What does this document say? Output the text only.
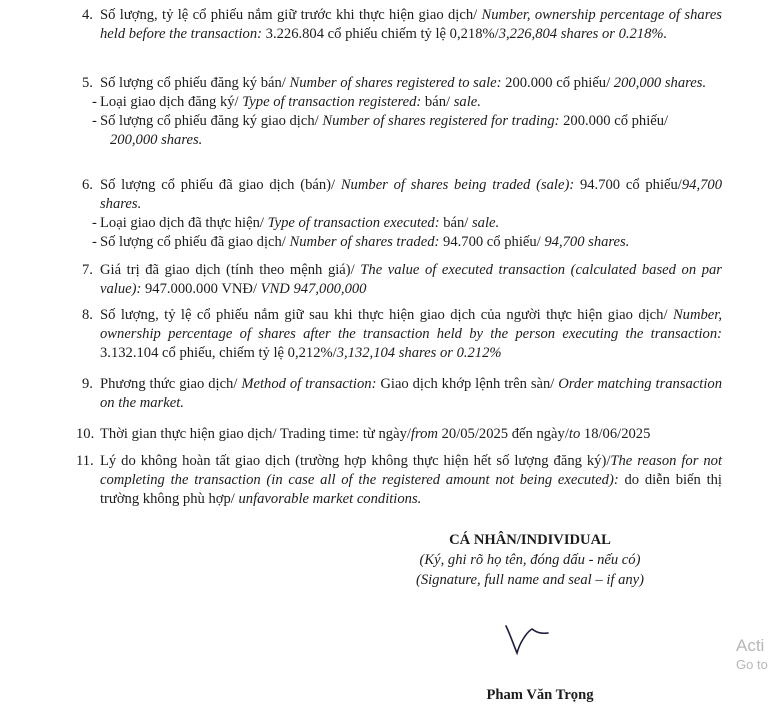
4. Số lượng, tỷ lệ cổ phiếu nắm giữ trước khi thực hiện giao dịch/ Number, ownership percentage of shares held before the transaction: 3.226.804 cổ phiếu chiếm tỷ lệ 0,218%/3,226,804 shares or 0.218%.
5. Số lượng cổ phiếu đăng ký bán/ Number of shares registered to sale: 200.000 cổ phiếu/ 200,000 shares.
- Loại giao dịch đăng ký/ Type of transaction registered: bán/ sale.
- Số lượng cổ phiếu đăng ký giao dịch/ Number of shares registered for trading: 200.000 cổ phiếu/
200,000 shares.
6. Số lượng cổ phiếu đã giao dịch (bán)/ Number of shares being traded (sale): 94.700 cổ phiếu/94,700 shares.
- Loại giao dịch đã thực hiện/ Type of transaction executed: bán/ sale.
- Số lượng cổ phiếu đã giao dịch/ Number of shares traded: 94.700 cổ phiếu/ 94,700 shares.
7. Giá trị đã giao dịch (tính theo mệnh giá)/ The value of executed transaction (calculated based on par value): 947.000.000 VNĐ/ VND 947,000,000
8. Số lượng, tỷ lệ cổ phiếu nắm giữ sau khi thực hiện giao dịch của người thực hiện giao dịch/ Number, ownership percentage of shares after the transaction held by the person executing the transaction: 3.132.104 cổ phiếu, chiếm tỷ lệ 0,212%/3,132,104 shares or 0.212%
9. Phương thức giao dịch/ Method of transaction: Giao dịch khớp lệnh trên sàn/ Order matching transaction on the market.
10. Thời gian thực hiện giao dịch/ Trading time: từ ngày/from 20/05/2025 đến ngày/to 18/06/2025
11. Lý do không hoàn tất giao dịch (trường hợp không thực hiện hết số lượng đăng ký)/The reason for not completing the transaction (in case all of the registered amount not being executed): do diễn biến thị trường không phù hợp/ unfavorable market conditions.
CÁ NHÂN/INDIVIDUAL
(Ký, ghi rõ họ tên, đóng dấu - nếu có)
(Signature, full name and seal – if any)
Pham Văn Trọng
Acti
Go to
